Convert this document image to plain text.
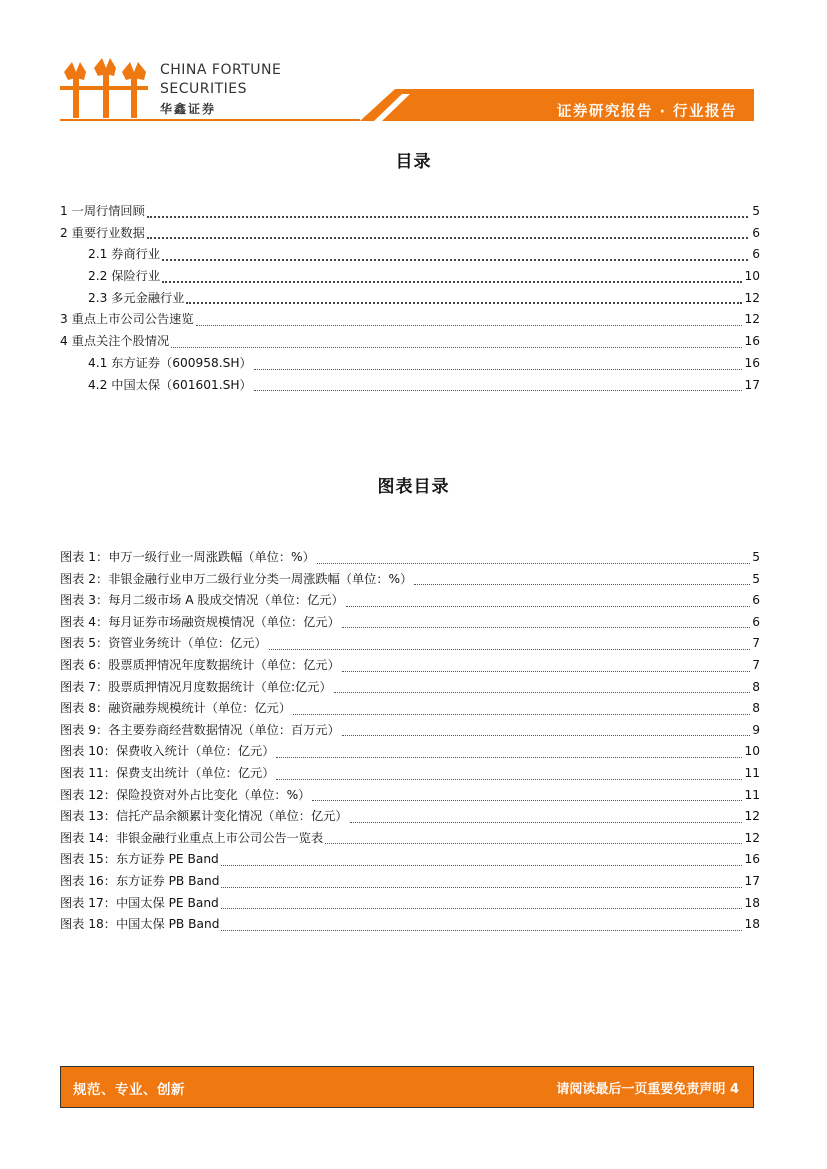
CHINA FORTUNE
SECURITIES
华鑫证券	证券研究报告 · 行业报告
目录
1 一周行情回顾	5
2 重要行业数据	6
2.1 券商行业	6
2.2 保险行业	10
2.3 多元金融行业	12
3 重点上市公司公告速览	12
4 重点关注个股情况	16
4.1 东方证券（600958.SH）	16
4.2 中国太保（601601.SH）	17
图表目录
图表 1：申万一级行业一周涨跌幅（单位：%）	5
图表 2：非银金融行业申万二级行业分类一周涨跌幅（单位：%）	5
图表 3：每月二级市场 A 股成交情况（单位：亿元）	6
图表 4：每月证券市场融资规模情况（单位：亿元）	6
图表 5：资管业务统计（单位：亿元）	7
图表 6：股票质押情况年度数据统计（单位：亿元）	7
图表 7：股票质押情况月度数据统计（单位:亿元）	8
图表 8：融资融券规模统计（单位：亿元）	8
图表 9：各主要券商经营数据情况（单位：百万元）	9
图表 10：保费收入统计（单位：亿元）	10
图表 11：保费支出统计（单位：亿元）	11
图表 12：保险投资对外占比变化（单位：%）	11
图表 13：信托产品余额累计变化情况（单位：亿元）	12
图表 14：非银金融行业重点上市公司公告一览表	12
图表 15：东方证券 PE Band	16
图表 16：东方证券 PB Band	17
图表 17：中国太保 PE Band	18
图表 18：中国太保 PB Band	18
规范、专业、创新	请阅读最后一页重要免责声明 4
